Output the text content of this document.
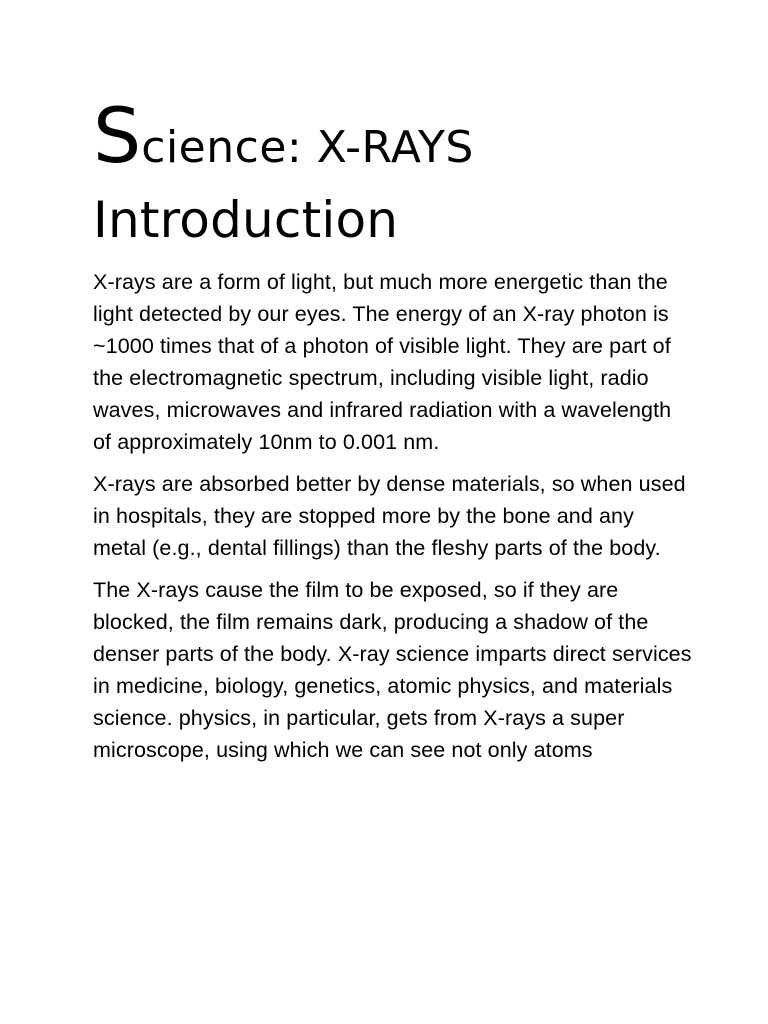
Science: X-RAYS
Introduction

X-rays are a form of light, but much more energetic than the light detected by our eyes. The energy of an X-ray photon is ~1000 times that of a photon of visible light. They are part of the electromagnetic spectrum, including visible light, radio waves, microwaves and infrared radiation with a wavelength of approximately 10nm to 0.001 nm.

X-rays are absorbed better by dense materials, so when used in hospitals, they are stopped more by the bone and any metal (e.g., dental fillings) than the fleshy parts of the body.

The X-rays cause the film to be exposed, so if they are blocked, the film remains dark, producing a shadow of the denser parts of the body. X-ray science imparts direct services in medicine, biology, genetics, atomic physics, and materials science. physics, in particular, gets from X-rays a super microscope, using which we can see not only atoms
